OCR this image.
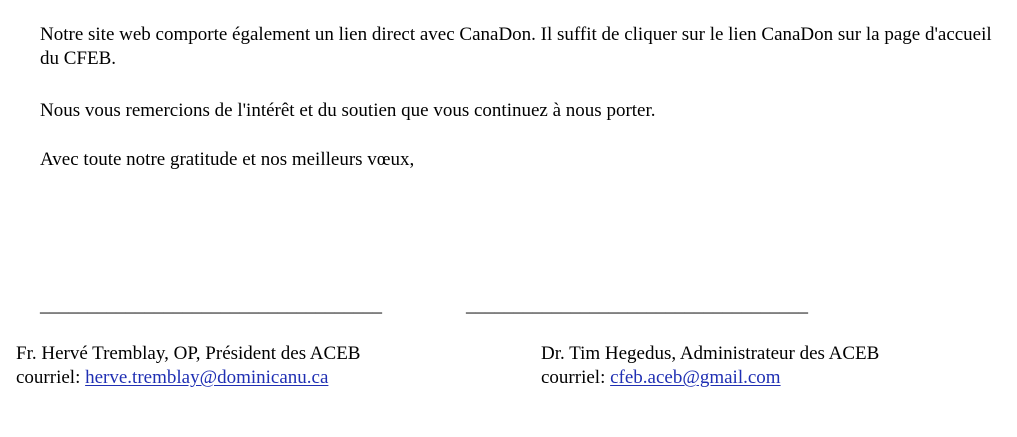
Notre site web comporte également un lien direct avec CanaDon. Il suffit de cliquer sur le lien CanaDon sur la page d'accueil du CFEB.

Nous vous remercions de l'intérêt et du soutien que vous continuez à nous porter.

Avec toute notre gratitude et nos meilleurs vœux,

____________________________________	____________________________________
Fr. Hervé Tremblay, OP, Président des ACEB
courriel: herve.tremblay@dominicanu.ca
Dr. Tim Hegedus, Administrateur des ACEB
courriel: cfeb.aceb@gmail.com
